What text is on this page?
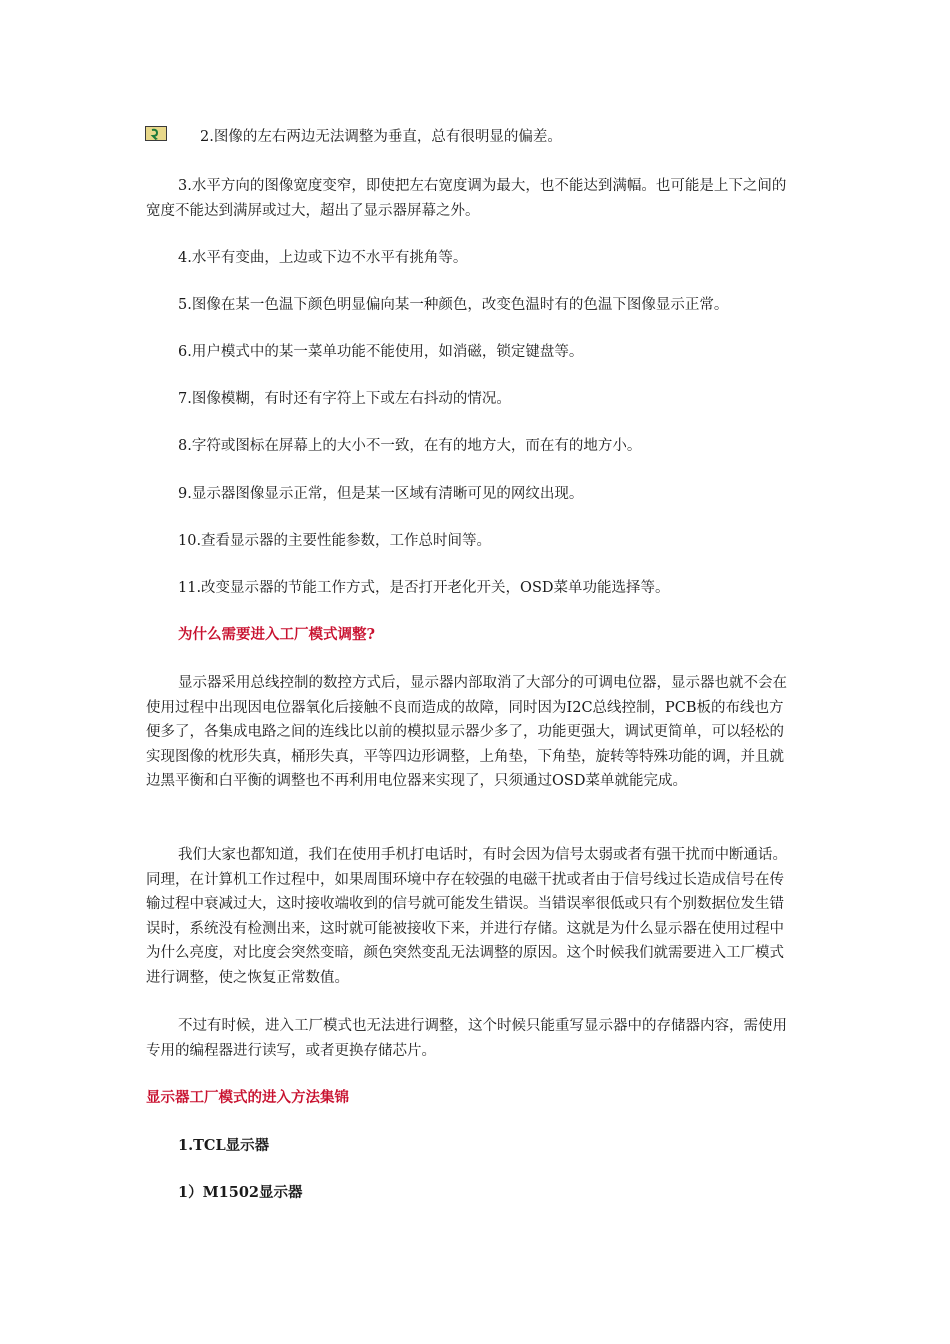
2.图像的左右两边无法调整为垂直，总有很明显的偏差。
3.水平方向的图像宽度变窄，即使把左右宽度调为最大，也不能达到满幅。也可能是上下之间的宽度不能达到满屏或过大，超出了显示器屏幕之外。
4.水平有变曲，上边或下边不水平有挑角等。
5.图像在某一色温下颜色明显偏向某一种颜色，改变色温时有的色温下图像显示正常。
6.用户模式中的某一菜单功能不能使用，如消磁，锁定键盘等。
7.图像模糊，有时还有字符上下或左右抖动的情况。
8.字符或图标在屏幕上的大小不一致，在有的地方大，而在有的地方小。
9.显示器图像显示正常，但是某一区域有清晰可见的网纹出现。
10.查看显示器的主要性能参数，工作总时间等。
11.改变显示器的节能工作方式，是否打开老化开关，OSD菜单功能选择等。
为什么需要进入工厂模式调整?
显示器采用总线控制的数控方式后，显示器内部取消了大部分的可调电位器，显示器也就不会在使用过程中出现因电位器氧化后接触不良而造成的故障，同时因为I2C总线控制，PCB板的布线也方便多了，各集成电路之间的连线比以前的模拟显示器少多了，功能更强大，调试更简单，可以轻松的实现图像的枕形失真，桶形失真，平等四边形调整，上角垫，下角垫，旋转等特殊功能的调，并且就边黑平衡和白平衡的调整也不再利用电位器来实现了，只须通过OSD菜单就能完成。
我们大家也都知道，我们在使用手机打电话时，有时会因为信号太弱或者有强干扰而中断通话。同理，在计算机工作过程中，如果周围环境中存在较强的电磁干扰或者由于信号线过长造成信号在传输过程中衰减过大，这时接收端收到的信号就可能发生错误。当错误率很低或只有个别数据位发生错误时，系统没有检测出来，这时就可能被接收下来，并进行存储。这就是为什么显示器在使用过程中为什么亮度，对比度会突然变暗，颜色突然变乱无法调整的原因。这个时候我们就需要进入工厂模式进行调整，使之恢复正常数值。
不过有时候，进入工厂模式也无法进行调整，这个时候只能重写显示器中的存储器内容，需使用专用的编程器进行读写，或者更换存储芯片。
显示器工厂模式的进入方法集锦
1.TCL显示器
1）M1502显示器
